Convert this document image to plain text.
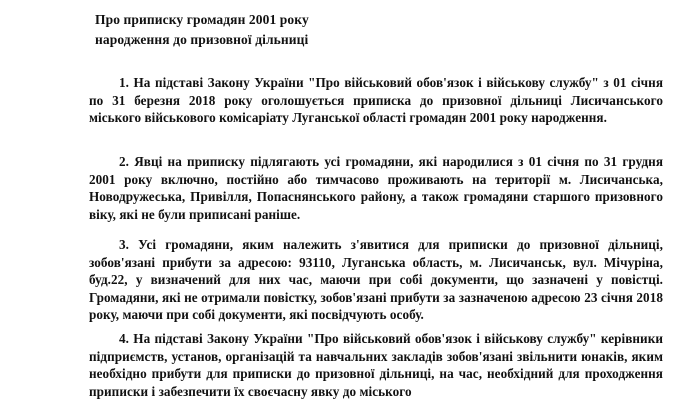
Про приписку громадян 2001 року
народження до призовної дільниці
1. На підставі Закону України "Про військовий обов'язок і військову службу" з 01 січня по 31 березня 2018 року оголошується приписка до призовної дільниці Лисичанського міського військового комісаріату Луганської області громадян 2001 року народження.
2. Явці на приписку підлягають усі громадяни, які народилися з 01 січня по 31 грудня 2001 року включно, постійно або тимчасово проживають на території м. Лисичанська, Новодружеська, Привілля, Попаснянського району, а також громадяни старшого призовного віку, які не були приписані раніше.
3. Усі громадяни, яким належить з'явитися для приписки до призовної дільниці, зобов'язані прибути за адресою: 93110, Луганська область, м. Лисичанськ, вул. Мічуріна, буд.22, у визначений для них час, маючи при собі документи, що зазначені у повістці. Громадяни, які не отримали повістку, зобов'язані прибути за зазначеною адресою 23 січня 2018 року, маючи при собі документи, які посвідчують особу.
4. На підставі Закону України "Про військовий обов'язок і військову службу" керівники підприємств, установ, організацій та навчальних закладів зобов'язані звільнити юнаків, яким необхідно прибути для приписки до призовної дільниці, на час, необхідний для проходження приписки і забезпечити їх своєчасну явку до міського
